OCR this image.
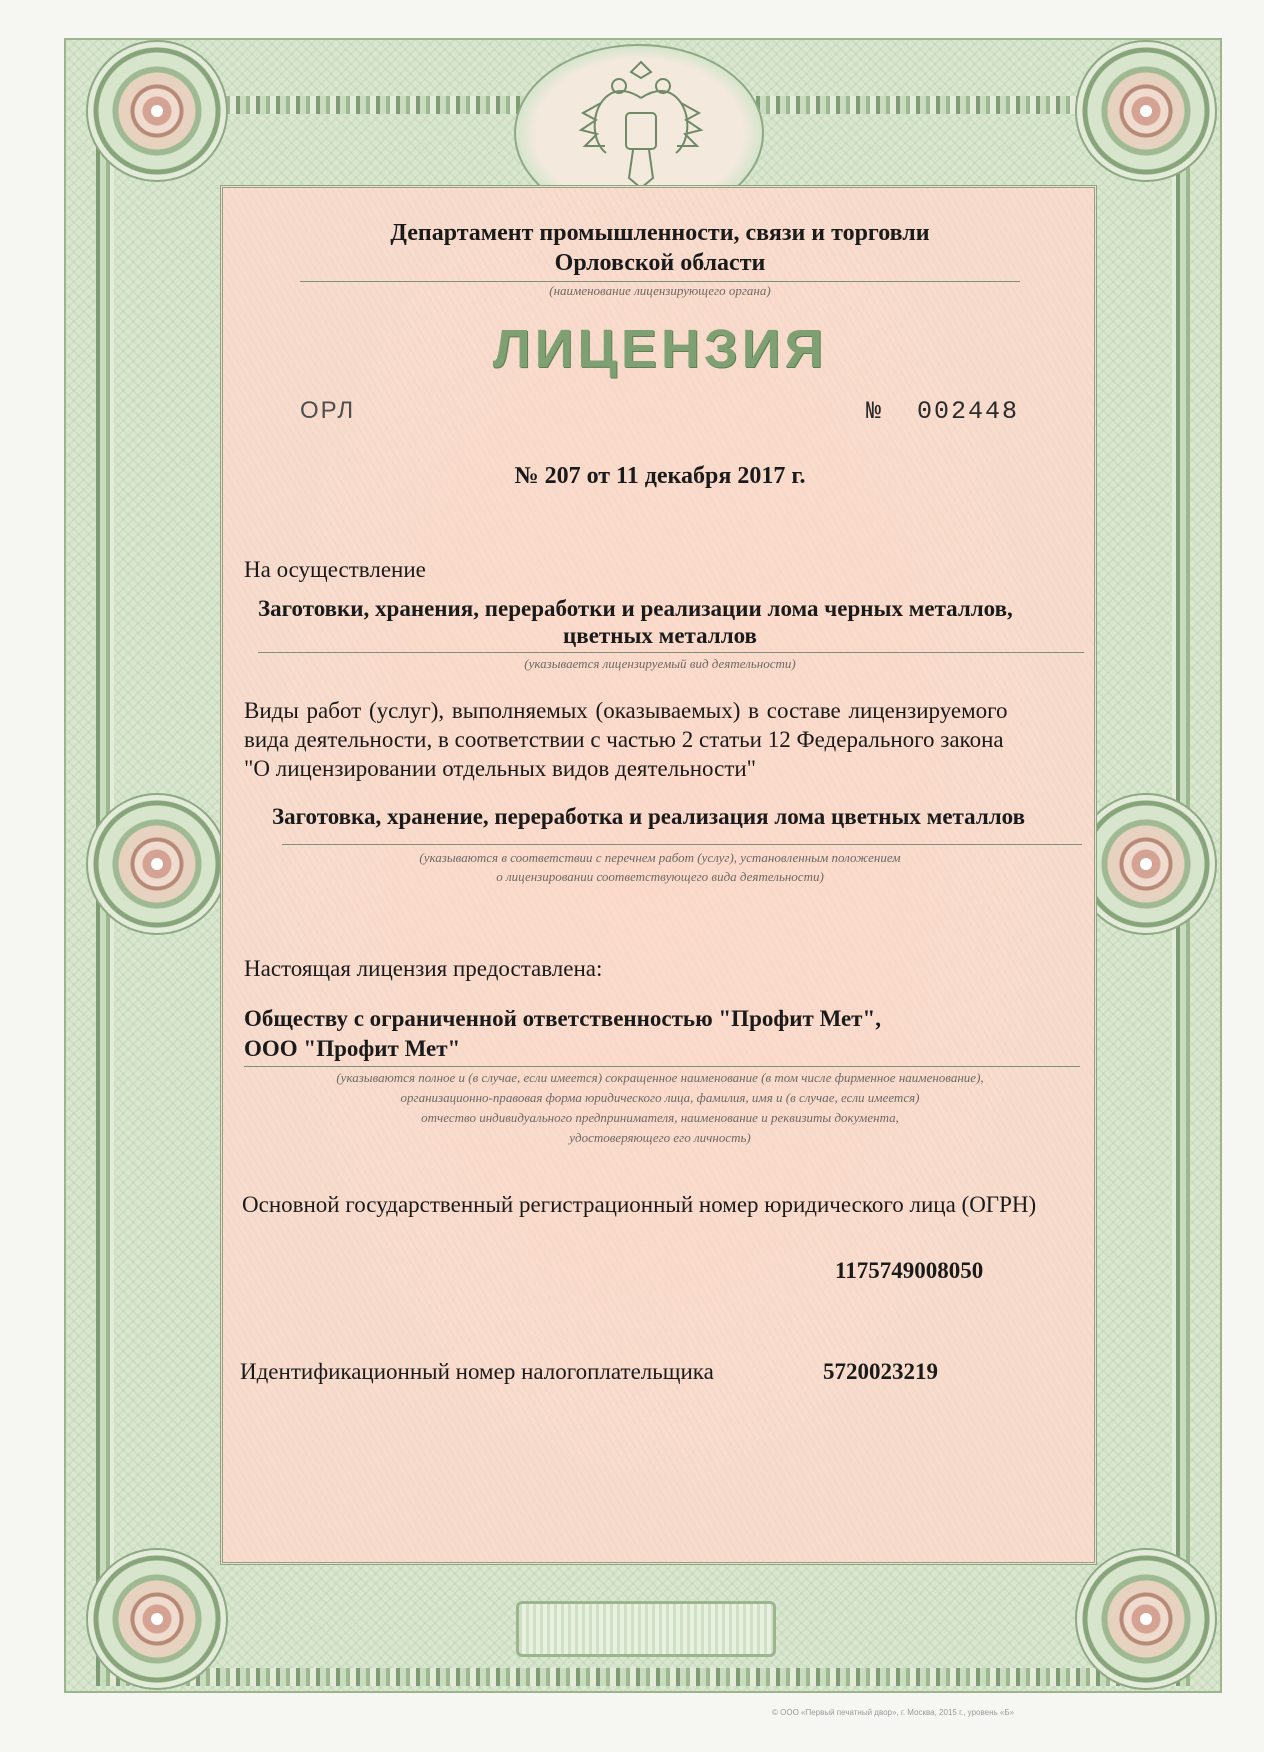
Департамент промышленности, связи и торговли
Орловской области
(наименование лицензирующего органа)
ЛИЦЕНЗИЯ
ОРЛ	№ 002448
№ 207 от 11 декабря 2017 г.
На осуществление
Заготовки, хранения, переработки и реализации лома черных металлов,
цветных металлов
(указывается лицензируемый вид деятельности)
Виды работ (услуг), выполняемых (оказываемых) в составе лицензируемого
вида деятельности, в соответствии с частью 2 статьи 12 Федерального закона
"О лицензировании отдельных видов деятельности"
Заготовка, хранение, переработка и реализация лома цветных металлов
(указываются в соответствии с перечнем работ (услуг), установленным положением
о лицензировании соответствующего вида деятельности)
Настоящая лицензия предоставлена:
Обществу с ограниченной ответственностью "Профит Мет",
ООО "Профит Мет"
(указываются полное и (в случае, если имеется) сокращенное наименование (в том числе фирменное наименование),
организационно-правовая форма юридического лица, фамилия, имя и (в случае, если имеется)
отчество индивидуального предпринимателя, наименование и реквизиты документа,
удостоверяющего его личность)
Основной государственный регистрационный номер юридического лица (ОГРН)
1175749008050
Идентификационный номер налогоплательщика	5720023219
© ООО «Первый печатный двор», г. Москва, 2015 г., уровень «Б»
